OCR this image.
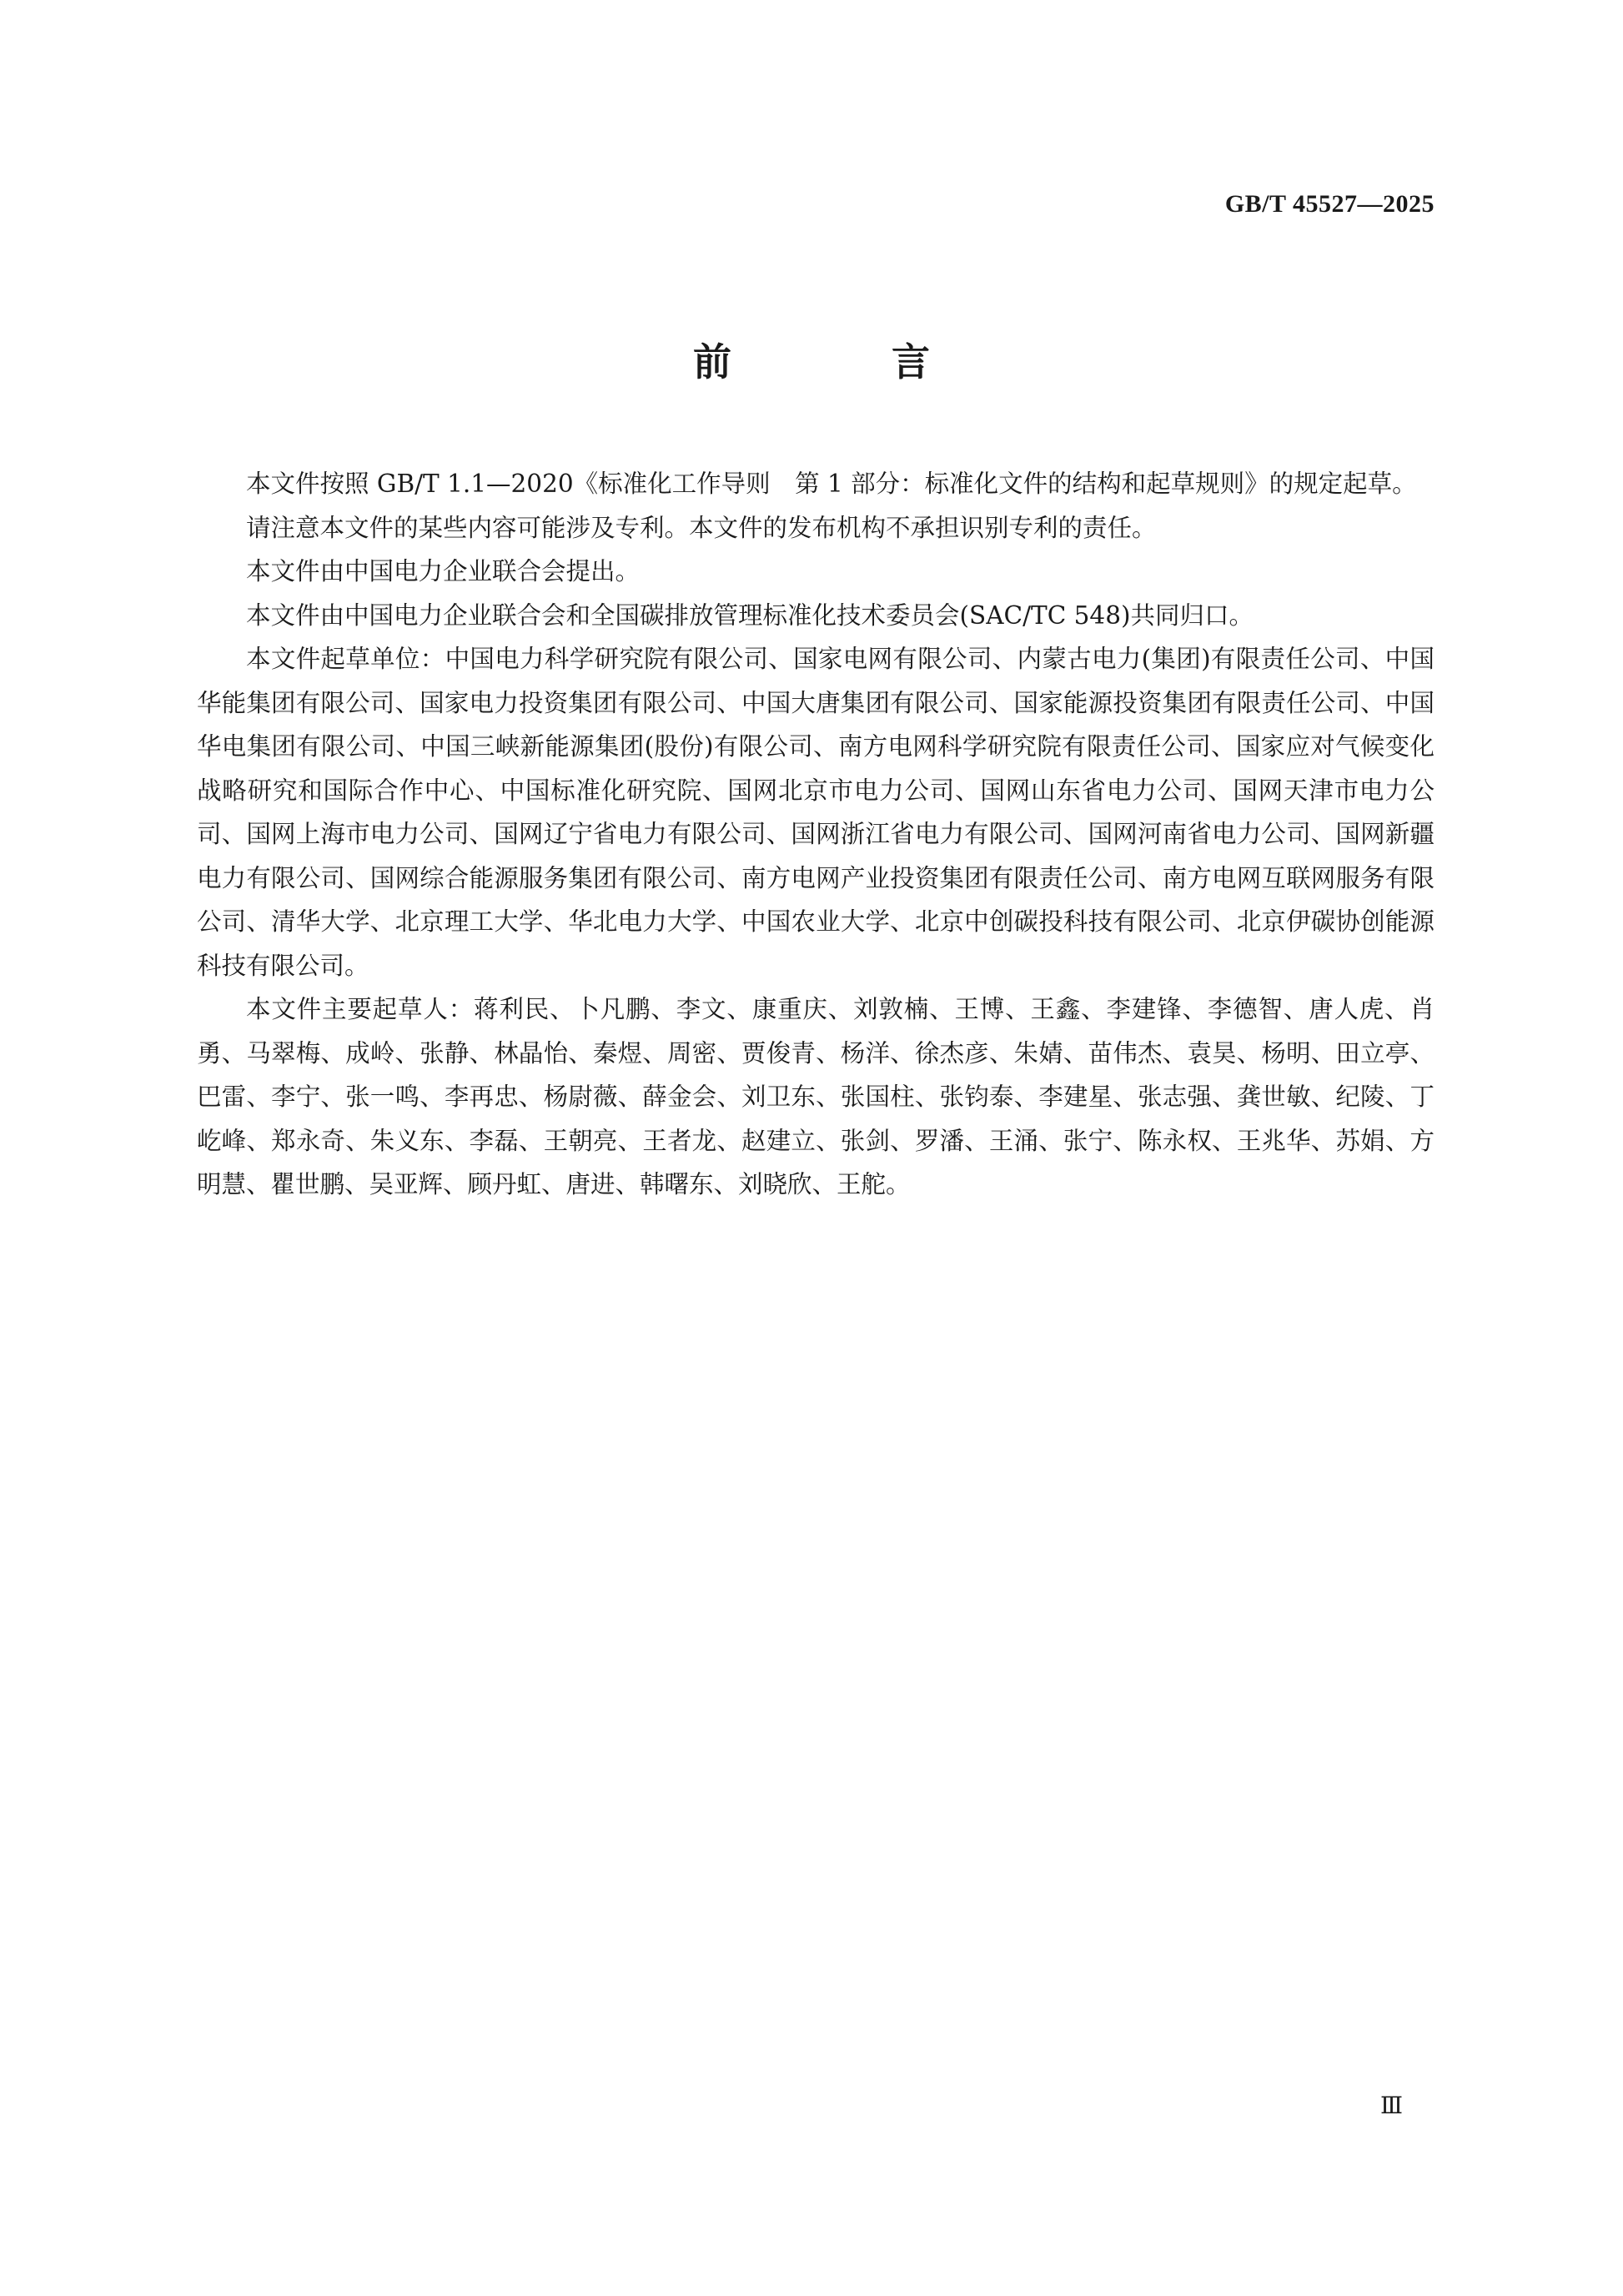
GB/T 45527—2025
前 言

本文件按照 GB/T 1.1—2020《标准化工作导则　第 1 部分：标准化文件的结构和起草规则》的规定起草。

请注意本文件的某些内容可能涉及专利。本文件的发布机构不承担识别专利的责任。

本文件由中国电力企业联合会提出。

本文件由中国电力企业联合会和全国碳排放管理标准化技术委员会(SAC/TC 548)共同归口。

本文件起草单位：中国电力科学研究院有限公司、国家电网有限公司、内蒙古电力(集团)有限责任公司、中国华能集团有限公司、国家电力投资集团有限公司、中国大唐集团有限公司、国家能源投资集团有限责任公司、中国华电集团有限公司、中国三峡新能源集团(股份)有限公司、南方电网科学研究院有限责任公司、国家应对气候变化战略研究和国际合作中心、中国标准化研究院、国网北京市电力公司、国网山东省电力公司、国网天津市电力公司、国网上海市电力公司、国网辽宁省电力有限公司、国网浙江省电力有限公司、国网河南省电力公司、国网新疆电力有限公司、国网综合能源服务集团有限公司、南方电网产业投资集团有限责任公司、南方电网互联网服务有限公司、清华大学、北京理工大学、华北电力大学、中国农业大学、北京中创碳投科技有限公司、北京伊碳协创能源科技有限公司。

本文件主要起草人：蒋利民、卜凡鹏、李文、康重庆、刘敦楠、王博、王鑫、李建锋、李德智、唐人虎、肖勇、马翠梅、成岭、张静、林晶怡、秦煜、周密、贾俊青、杨洋、徐杰彦、朱婧、苗伟杰、袁昊、杨明、田立亭、巴雷、李宁、张一鸣、李再忠、杨尉薇、薛金会、刘卫东、张国柱、张钧泰、李建星、张志强、龚世敏、纪陵、丁屹峰、郑永奇、朱义东、李磊、王朝亮、王者龙、赵建立、张剑、罗潘、王涌、张宁、陈永权、王兆华、苏娟、方明慧、瞿世鹏、吴亚辉、顾丹虹、唐进、韩曙东、刘晓欣、王舵。

Ⅲ
